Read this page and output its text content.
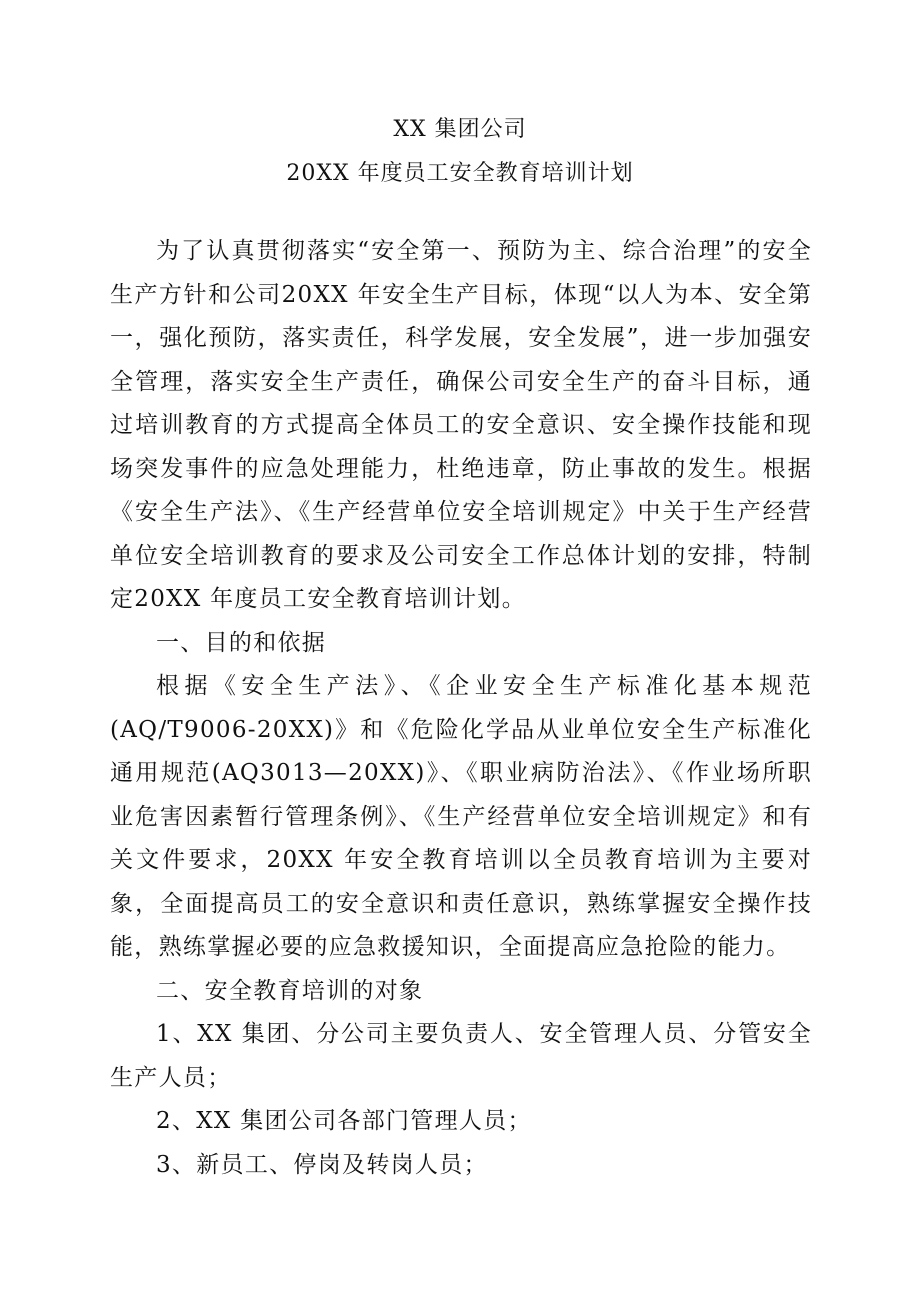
XX 集团公司
20XX 年度员工安全教育培训计划

为了认真贯彻落实“安全第一、预防为主、综合治理”的安全生产方针和公司20XX 年安全生产目标，体现“以人为本、安全第一，强化预防，落实责任，科学发展，安全发展”，进一步加强安全管理，落实安全生产责任，确保公司安全生产的奋斗目标，通过培训教育的方式提高全体员工的安全意识、安全操作技能和现场突发事件的应急处理能力，杜绝违章，防止事故的发生。根据《安全生产法》、《生产经营单位安全培训规定》中关于生产经营单位安全培训教育的要求及公司安全工作总体计划的安排，特制定20XX 年度员工安全教育培训计划。

一、目的和依据

根据《安全生产法》、《企业安全生产标准化基本规范(AQ/T9006-20XX)》和《危险化学品从业单位安全生产标准化通用规范(AQ3013—20XX)》、《职业病防治法》、《作业场所职业危害因素暂行管理条例》、《生产经营单位安全培训规定》和有关文件要求，20XX 年安全教育培训以全员教育培训为主要对象，全面提高员工的安全意识和责任意识，熟练掌握安全操作技能，熟练掌握必要的应急救援知识，全面提高应急抢险的能力。

二、安全教育培训的对象

1、XX 集团、分公司主要负责人、安全管理人员、分管安全生产人员；

2、XX 集团公司各部门管理人员；

3、新员工、停岗及转岗人员；
